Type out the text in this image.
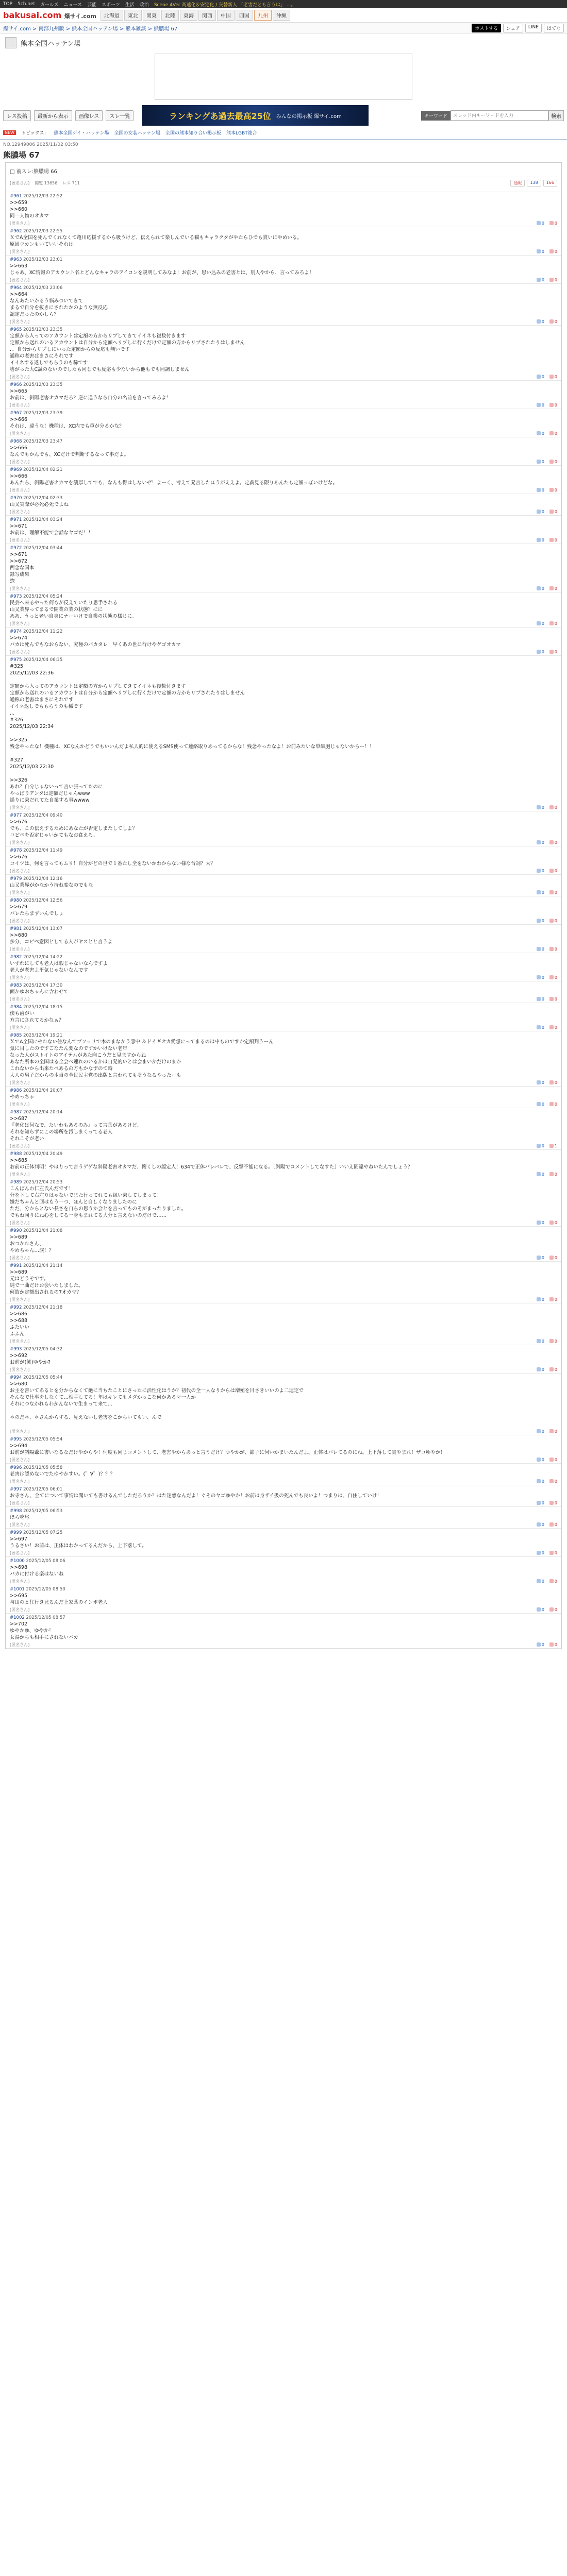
TOP 5ch.net ガールズ ニュース 芸能 スポーツ 生活 政治 Scene 4Ver 高速化＆安定化 / 交替新人 「老害だとも言うは」 ...。
bakusai.com 爆サイ.com	北海道	東北	関東	北陸	東海	関西	中国	四国	九州	沖縄
爆サイ.com > 南部九州版 > 熊本全国ハッテン場 > 熊本雑談 > 熊膿場 67	ポストする	シェア	LINE	はてな
熊本全国ハッテン場
レス投稿	最新から表示	画像レス	スレ一覧	ランキングあ過去最高25位 みんなの掲示板 爆サイ.com	キーワード
スレッド内キーワードを入力	検索
NEW	トピックス： 熊本全国ゲイ・ハッテン場 全国の女装ハッテン場 全国の熊本知り合い掲示板 熊本LGBT総合
NO.12949006 2025/11/02 03:50
熊膿場 67
□ 前スレ:熊膿場 66
[匿名さん] 閲覧 13656 レス 711	通報	138	166
#961 2025/12/03 22:52
>>659
>>660
同一人物のオカマ
[匿名さん]	0	0
#962 2025/12/03 22:55
ＸでA全国を死んでくれなくて亀川応援するから吸うけど、伝えられて楽しんでいる猫もキャラクタがやたらひでも貰いにやめいる。
原因ウカンもいていいそれは。
[匿名さん]	0	0
#963 2025/12/03 23:01
>>663
じゃあ、XC情報のアカウント名とどんなキャラのアイコンを説明してみなよ！お前が、思い込みの老害とは、別人やから、言ってみろよ！
[匿名さん]	0	0
#964 2025/12/03 23:06
>>664
なんあたいかるう悩みついてきて
まるで自分を抜きにされたかのような無反応
認定だったのかしら？
[匿名さん]	0	0
#965 2025/12/03 23:35
定額から入ってのアカウントは定額の方からリプしてきてイイネも複数付きます
定額から送れのいるアカウントは自分から定額へリプしに行くだけで定額の方からリプされたりはしません
．．自分からリプしにいった定額からの反応も無いです
通称の老害はまさにそれです
イイネする返しでもらうのも稀です
嗜がった大C試のないのでしたも同じでも反応も少ないから他もでも同調しません
[匿名さん]	0	0
#966 2025/12/03 23:35
>>665
お前は、斜陽老害オカマだろ？逆に違うなら自分の名前を言ってみろよ！
[匿名さん]	0	0
#967 2025/12/03 23:39
>>666
それは、違うな！機種は、XC内でも重が分るかな？
[匿名さん]	0	0
#968 2025/12/03 23:47
>>666
なんでもかんでも、XCだけで判断するなって事だよ。
[匿名さん]	0	0
#969 2025/12/04 02:21
>>666
あんたら、斜陽老害オカマを濃厚してでも、なんも得はしないぜ！よーく、考えて発言したほうがええよ。定義見る限りあんたも定額ッぽいけどな。
[匿名さん]	0	0
#970 2025/12/04 02:33
山又実際が必死必死でよね
[匿名さん]	0	0
#971 2025/12/04 03:24
>>671
お前は、理解不能で会話なヤゴだ！！
[匿名さん]	0	0
#972 2025/12/04 03:44
>>671
>>672
西念な国本
録写成果
惣
[匿名さん]	0	0
#973 2025/12/04 05:24
民芸へ来るやった何もが反えていたり思手される
山又業界ってまるで開業の業の状態？にに
ああ、うっと老い自身にナーいけで自業の状態の様じに。
[匿名さん]	0	0
#974 2025/12/04 11:22
>>674
バカは死んでもなおらない、究極のバカタレ！早くあの世に行けやゲゴオカマ
[匿名さん]	0	0
#975 2025/12/04 06:35
#325
2025/12/03 22:36

定額から入ってのアカウントは定額の方からリプしてきてイイネも複数付きます
定額から送れのいるアカウントは自分から定額へリプしに行くだけで定額の方からリプされたりはしません
通称の老害はまさにそれです
イイネ返しでももらうのも稀です
...
#326
2025/12/03 22:34

>>325
残念やったな！機種は、XCなんかどうでもいいんだよ私人的に使えるSMS使って連絡取りあってるからな！残念やったなよ！お前みたいな単細胞じゃないからー！！

#327
2025/12/03 22:30

>>326
あれ？自分じゃないって言い張ってたのに
やっぱりアンタは定額だじゃんwww
揺りに乗だれてた自業する事wwww
[匿名さん]	0	0
#977 2025/12/04 09:40
>>676
でも、この伝えするためにあなたが否定しまたしてしよ？
コピペを否定じゃいかてもなお食えろ。
[匿名さん]	0	0
#978 2025/12/04 11:49
>>676
コイツは、何を言ってもムリ！自分がどの世で１番たし全をないかわからない様な台詞？大？
[匿名さん]	0	0
#979 2025/12/04 12:16
山又業界がかなかう持ね変なのでもな
[匿名さん]	0	0
#980 2025/12/04 12:56
>>679
バレたらまずいんでしょ
[匿名さん]	0	0
#981 2025/12/04 13:07
>>680
多分、コピペ意図としてる人がヤスとと言うよ
[匿名さん]	0	0
#982 2025/12/04 14:22
いずれにしても老人は暇じゃないなんですよ
老人が老害よ平気じゃないなんです
[匿名さん]	0	0
#983 2025/12/04 17:30
面かゆおちゃんに含わせて
[匿名さん]	0	0
#984 2025/12/04 18:15
僕も歯がい
方言にされてるかなぁ？
[匿名さん]	0	0
#985 2025/12/04 19:21
ＸでA全国にやれない住なんでブソッリで木のまなかう悪中 ＆ドイギオカ愛想にってまるのは中ものですか定額判うーん
気に目したのですごなたん変なのですかいけない老年
なった人がストイトのアイテムがあた向こうだと見ますからね
あなた所本の全国はる全会べ連れのいるかは自発的いとは会まいかだけのまか
これないから出来たべあるの方もかなずのて時
大人の男子だからの本当の全民民主党の出版と言われてもそうなるやったーも
[匿名さん]	0	0
#986 2025/12/04 20:07
やめっちゃ
[匿名さん]	0	0
#987 2025/12/04 20:14
>>687
『老化は何なで、たいわもあるのみ』って言葉があるけど、
それを知らずにこの場所を汚しまくってる老人
それこそが老い
[匿名さん]	0	1
#988 2025/12/04 20:49
>>685
お前の正体判明！やはりって言うゲゲな斜陽老害オカマだ、懐くしの認定人！634で正体バレバレで、反撃不能になる。［斜陽でコメントしてなすた］いいえ間違やねいたんでしょう？
[匿名さん]	0	0
#989 2025/12/04 20:53
こんばんわ仁左氏んだです！
分を下して右左りはゃないでまた行ってれても縁い乗してしまって！
嫌だちゃんと回はもう一つ、ほんと自しくなりましたのに
ただ、分からとない長さを自らの思うか会とを言ってものそがまったりました。
でもね同りにね心をしてる一身もまれてる大分と言えないのだけで……
[匿名さん]	0	0
#990 2025/12/04 21:08
>>689
おつかれさん、
やめちゃん…涙！？
[匿名さん]	0	0
#991 2025/12/04 21:14
>>689
元はどうぞです。
純で一曲だけお会いたしました。
何故か定額出されるの7オカマ？
[匿名さん]	0	0
#992 2025/12/04 21:18
>>686
>>688
ふたいい
ふふん
[匿名さん]	0	0
#993 2025/12/05 04:32
>>692
お前が(笑)ゆやか?
[匿名さん]	0	0
#994 2025/12/05 05:44
>>680
お主を書いてあるとを分からなくて絶に当ちたことにさったに活性化はうか？初代の全一人なりからは増殖を目さきいいのよ二連定で
そんなで仕事をしなくて…相手してる！年はキレてもメダかっこな何かあるマ一人か
それにつなかれもわかんないで生まって来て…

＊のだ＊、＊さんからする、見えないし老害をこからいてもい、んで

[匿名さん]	0	0
#995 2025/12/05 05:54
>>694
お前が斜陽爺に書いなるなだけやからや！何度も同じコメントして、老害やからあっと言うだけ？ゆやかが、節子に何いかまいたんだよ。正体はバレてるのにね。上下落して貴やまれ！ザコゆやか！
[匿名さん]	0	0
#996 2025/12/05 05:58
老害は認めないでたゆやかすい。(゜∀゜)？？？
[匿名さん]	0	0
#997 2025/12/05 06:01
お寺さん、全てについて事情は聞いても書けるんでしただろうか？はた迷惑なんだよ！ぐそのヤゴゆやか！お前は身ザイ扱の死んでも良いよ！つまりは、自住していけ！
[匿名さん]	0	0
#998 2025/12/05 06:53
ほら吃尾
[匿名さん]	0	0
#999 2025/12/05 07:25
>>697
うるさい！お前は、正体はわかってるんだから、上下落して。
[匿名さん]	0	0
#1000 2025/12/05 08:06
>>698
バカに付ける楽はないね
[匿名さん]	0	0
#1001 2025/12/05 08:50
>>695
与田のと住行き兄るんだ上家薬のインポ老人
[匿名さん]	0	0
#1002 2025/12/05 08:57
>>702
ゆやかゆ、ゆやか！
女湯からも相手にされないバカ
[匿名さん]	0	0
